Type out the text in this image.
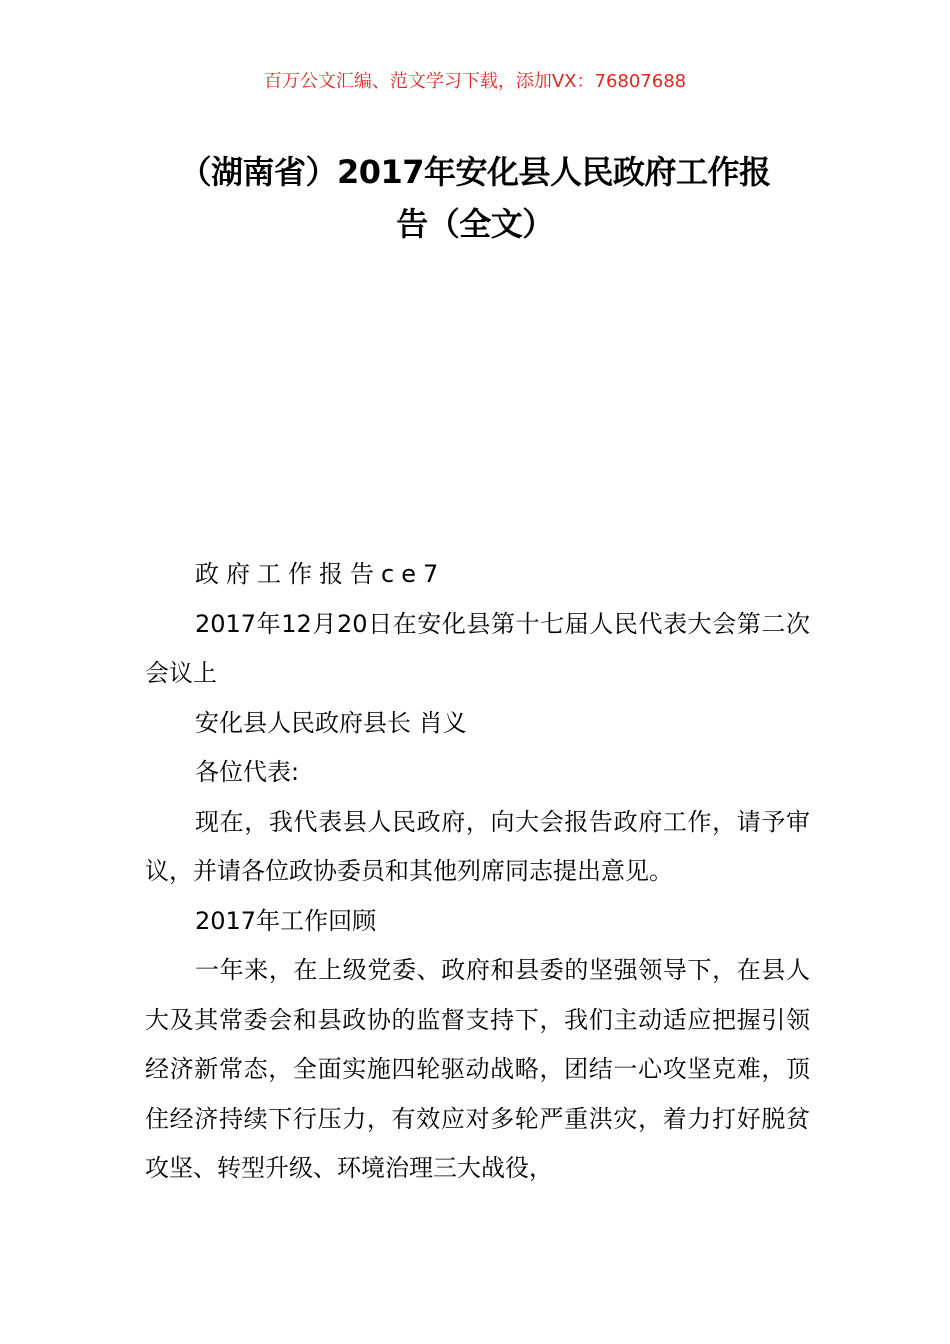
百万公文汇编、范文学习下载，添加VX：76807688
（湖南省）2017年安化县人民政府工作报
告（全文）

政府工作报告ce7

2017年12月20日在安化县第十七届人民代表大会第二次会议上

安化县人民政府县长 肖义

各位代表:

现在，我代表县人民政府，向大会报告政府工作，请予审议，并请各位政协委员和其他列席同志提出意见。

2017年工作回顾

一年来，在上级党委、政府和县委的坚强领导下，在县人大及其常委会和县政协的监督支持下，我们主动适应把握引领经济新常态，全面实施四轮驱动战略，团结一心攻坚克难，顶住经济持续下行压力，有效应对多轮严重洪灾，着力打好脱贫攻坚、转型升级、环境治理三大战役，
